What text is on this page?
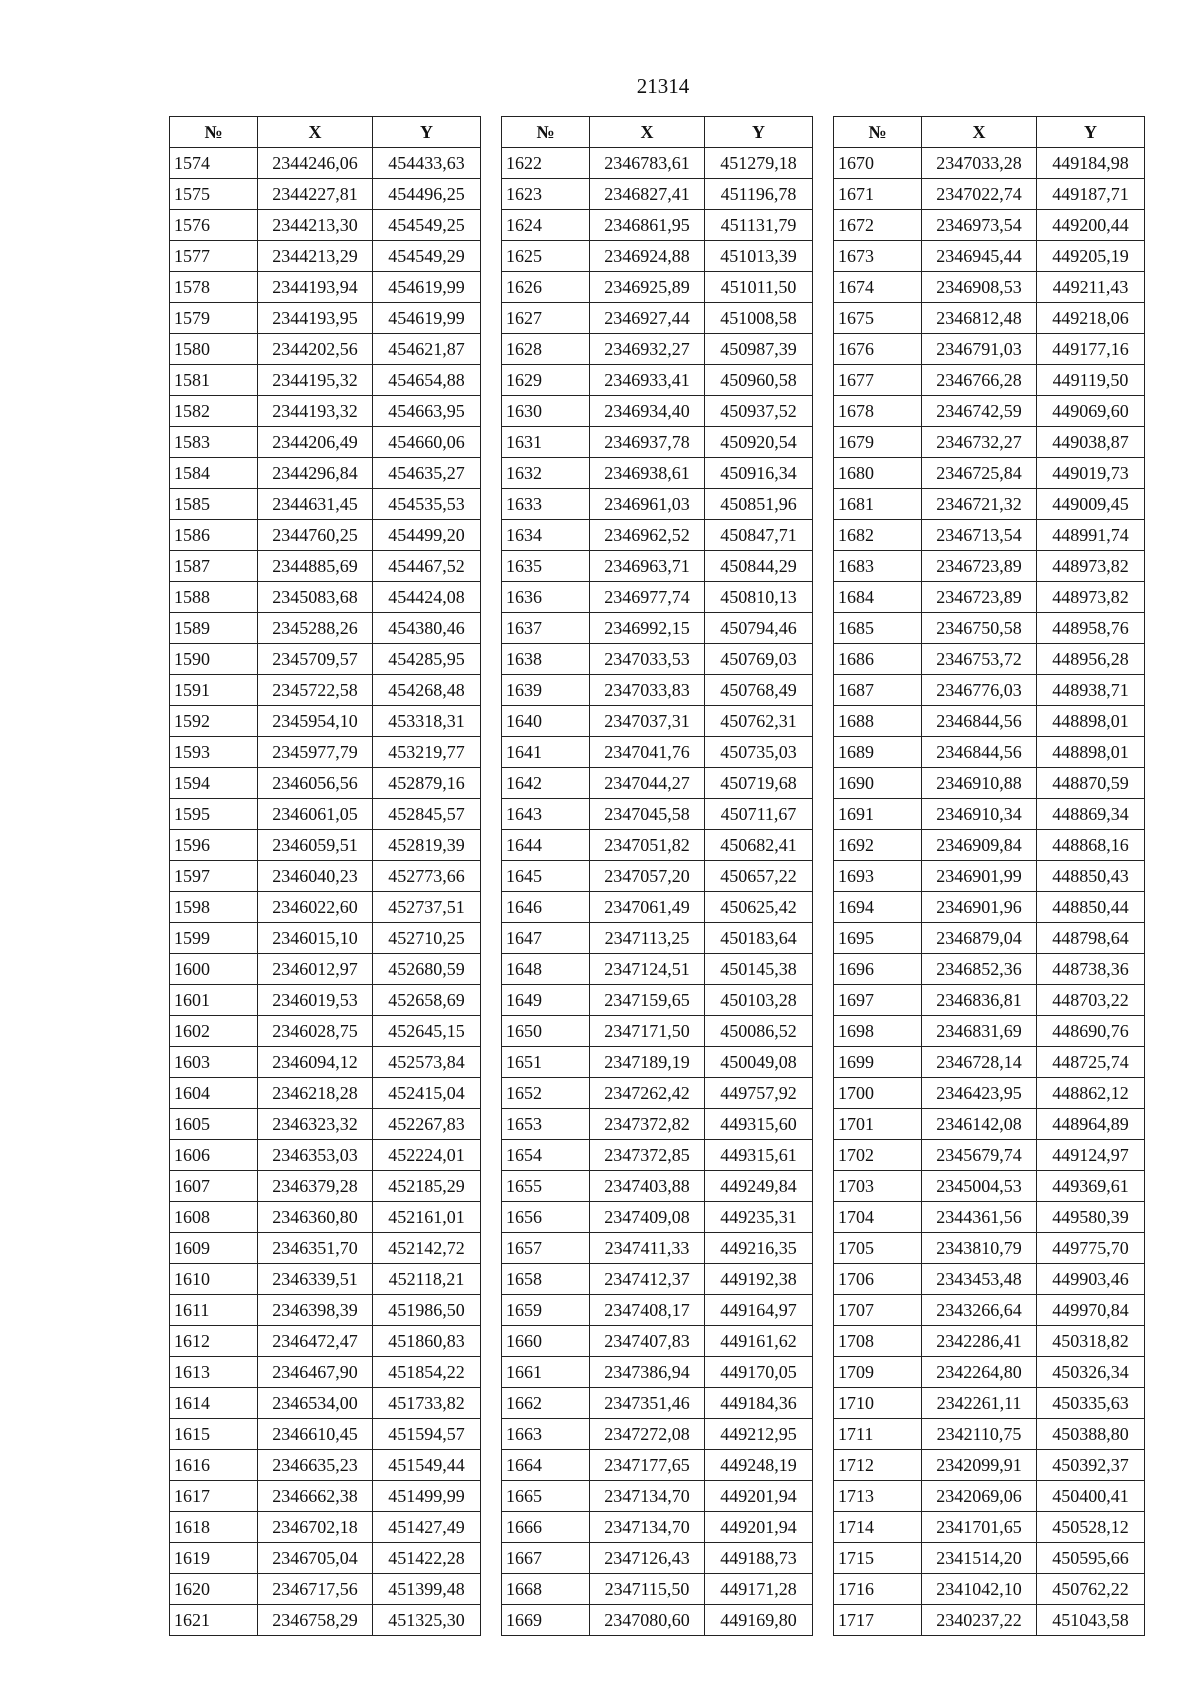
21314
№	X	Y
1574	2344246,06	454433,63
1575	2344227,81	454496,25
1576	2344213,30	454549,25
1577	2344213,29	454549,29
1578	2344193,94	454619,99
1579	2344193,95	454619,99
1580	2344202,56	454621,87
1581	2344195,32	454654,88
1582	2344193,32	454663,95
1583	2344206,49	454660,06
1584	2344296,84	454635,27
1585	2344631,45	454535,53
1586	2344760,25	454499,20
1587	2344885,69	454467,52
1588	2345083,68	454424,08
1589	2345288,26	454380,46
1590	2345709,57	454285,95
1591	2345722,58	454268,48
1592	2345954,10	453318,31
1593	2345977,79	453219,77
1594	2346056,56	452879,16
1595	2346061,05	452845,57
1596	2346059,51	452819,39
1597	2346040,23	452773,66
1598	2346022,60	452737,51
1599	2346015,10	452710,25
1600	2346012,97	452680,59
1601	2346019,53	452658,69
1602	2346028,75	452645,15
1603	2346094,12	452573,84
1604	2346218,28	452415,04
1605	2346323,32	452267,83
1606	2346353,03	452224,01
1607	2346379,28	452185,29
1608	2346360,80	452161,01
1609	2346351,70	452142,72
1610	2346339,51	452118,21
1611	2346398,39	451986,50
1612	2346472,47	451860,83
1613	2346467,90	451854,22
1614	2346534,00	451733,82
1615	2346610,45	451594,57
1616	2346635,23	451549,44
1617	2346662,38	451499,99
1618	2346702,18	451427,49
1619	2346705,04	451422,28
1620	2346717,56	451399,48
1621	2346758,29	451325,30
№	X	Y
1622	2346783,61	451279,18
1623	2346827,41	451196,78
1624	2346861,95	451131,79
1625	2346924,88	451013,39
1626	2346925,89	451011,50
1627	2346927,44	451008,58
1628	2346932,27	450987,39
1629	2346933,41	450960,58
1630	2346934,40	450937,52
1631	2346937,78	450920,54
1632	2346938,61	450916,34
1633	2346961,03	450851,96
1634	2346962,52	450847,71
1635	2346963,71	450844,29
1636	2346977,74	450810,13
1637	2346992,15	450794,46
1638	2347033,53	450769,03
1639	2347033,83	450768,49
1640	2347037,31	450762,31
1641	2347041,76	450735,03
1642	2347044,27	450719,68
1643	2347045,58	450711,67
1644	2347051,82	450682,41
1645	2347057,20	450657,22
1646	2347061,49	450625,42
1647	2347113,25	450183,64
1648	2347124,51	450145,38
1649	2347159,65	450103,28
1650	2347171,50	450086,52
1651	2347189,19	450049,08
1652	2347262,42	449757,92
1653	2347372,82	449315,60
1654	2347372,85	449315,61
1655	2347403,88	449249,84
1656	2347409,08	449235,31
1657	2347411,33	449216,35
1658	2347412,37	449192,38
1659	2347408,17	449164,97
1660	2347407,83	449161,62
1661	2347386,94	449170,05
1662	2347351,46	449184,36
1663	2347272,08	449212,95
1664	2347177,65	449248,19
1665	2347134,70	449201,94
1666	2347134,70	449201,94
1667	2347126,43	449188,73
1668	2347115,50	449171,28
1669	2347080,60	449169,80
№	X	Y
1670	2347033,28	449184,98
1671	2347022,74	449187,71
1672	2346973,54	449200,44
1673	2346945,44	449205,19
1674	2346908,53	449211,43
1675	2346812,48	449218,06
1676	2346791,03	449177,16
1677	2346766,28	449119,50
1678	2346742,59	449069,60
1679	2346732,27	449038,87
1680	2346725,84	449019,73
1681	2346721,32	449009,45
1682	2346713,54	448991,74
1683	2346723,89	448973,82
1684	2346723,89	448973,82
1685	2346750,58	448958,76
1686	2346753,72	448956,28
1687	2346776,03	448938,71
1688	2346844,56	448898,01
1689	2346844,56	448898,01
1690	2346910,88	448870,59
1691	2346910,34	448869,34
1692	2346909,84	448868,16
1693	2346901,99	448850,43
1694	2346901,96	448850,44
1695	2346879,04	448798,64
1696	2346852,36	448738,36
1697	2346836,81	448703,22
1698	2346831,69	448690,76
1699	2346728,14	448725,74
1700	2346423,95	448862,12
1701	2346142,08	448964,89
1702	2345679,74	449124,97
1703	2345004,53	449369,61
1704	2344361,56	449580,39
1705	2343810,79	449775,70
1706	2343453,48	449903,46
1707	2343266,64	449970,84
1708	2342286,41	450318,82
1709	2342264,80	450326,34
1710	2342261,11	450335,63
1711	2342110,75	450388,80
1712	2342099,91	450392,37
1713	2342069,06	450400,41
1714	2341701,65	450528,12
1715	2341514,20	450595,66
1716	2341042,10	450762,22
1717	2340237,22	451043,58
